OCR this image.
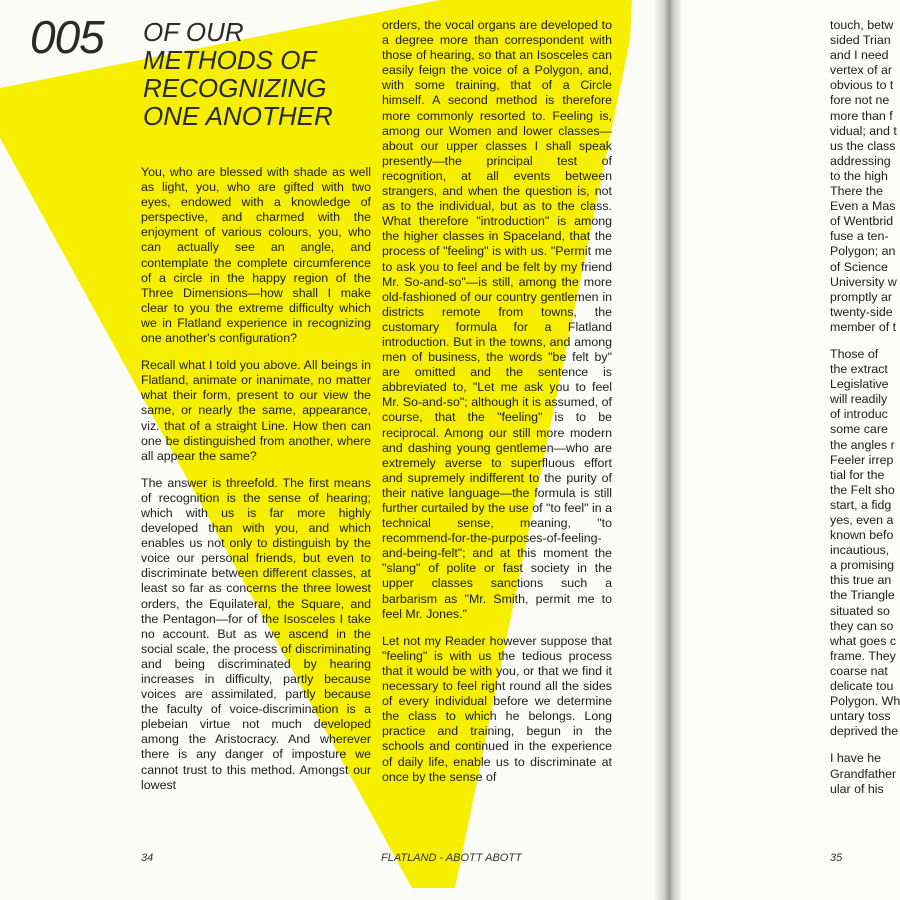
005 OF OUR
METHODS OF
RECOGNIZING
ONE ANOTHER

You, who are blessed with shade as well as light, you, who are gifted with two eyes, endowed with a knowledge of perspective, and charmed with the enjoyment of various colours, you, who can actually see an angle, and contemplate the complete circumference of a circle in the happy region of the Three Dimensions—how shall I make clear to you the extreme difficulty which we in Flatland experience in recognizing one another's configuration?

Recall what I told you above. All beings in Flatland, animate or inanimate, no matter what their form, present to our view the same, or nearly the same, appearance, viz. that of a straight Line. How then can one be distinguished from another, where all appear the same?

The answer is threefold. The first means of recognition is the sense of hearing; which with us is far more highly developed than with you, and which enables us not only to distinguish by the voice our personal friends, but even to discriminate between different classes, at least so far as concerns the three lowest orders, the Equilateral, the Square, and the Pentagon—for of the Isosceles I take no account. But as we ascend in the social scale, the process of discriminating and being discriminated by hearing increases in difficulty, partly because voices are assimilated, partly because the faculty of voice-discrimination is a plebeian virtue not much developed among the Aristocracy. And wherever there is any danger of imposture we cannot trust to this method. Amongst our lowest

orders, the vocal organs are developed to a degree more than correspondent with those of hearing, so that an Isosceles can easily feign the voice of a Polygon, and, with some training, that of a Circle himself. A second method is therefore more commonly resorted to. Feeling is, among our Women and lower classes—about our upper classes I shall speak presently—the principal test of recognition, at all events between strangers, and when the question is, not as to the individual, but as to the class. What therefore "introduction" is among the higher classes in Spaceland, that the process of "feeling" is with us. "Permit me to ask you to feel and be felt by my friend Mr. So-and-so"—is still, among the more old-fashioned of our country gentlemen in districts remote from towns, the customary formula for a Flatland introduction. But in the towns, and among men of business, the words "be felt by" are omitted and the sentence is abbreviated to, "Let me ask you to feel Mr. So-and-so"; although it is assumed, of course, that the "feeling" is to be reciprocal. Among our still more modern and dashing young gentlemen—who are extremely averse to superfluous effort and supremely indifferent to the purity of their native language—the formula is still further curtailed by the use of "to feel" in a technical sense, meaning, "to recommend-for-the-purposes-of-feeling-and-being-felt"; and at this moment the "slang" of polite or fast society in the upper classes sanctions such a barbarism as "Mr. Smith, permit me to feel Mr. Jones."

Let not my Reader however suppose that "feeling" is with us the tedious process that it would be with you, or that we find it necessary to feel right round all the sides of every individual before we determine the class to which he belongs. Long practice and training, begun in the schools and continued in the experience of daily life, enable us to discriminate at once by the sense of

34	FLATLAND - ABOTT ABOTT

touch, betw
sided Trian
and I need
vertex of ar
obvious to t
fore not ne
more than f
vidual; and t
us the class
addressing
to the high
There the
Even a Mas
of Wentbrid
fuse a ten-
Polygon; an
of Science
University w
promptly ar
twenty-side
member of t

Those of
the extract
Legislative
will readily
of introduc
some care
the angles r
Feeler irrep
tial for the
the Felt sho
start, a fidg
yes, even a
known befo
incautious,
a promising
this true an
the Triangle
situated so
they can so
what goes c
frame. They
coarse nat
delicate tou
Polygon. Wh
untary toss
deprived the

I have he
Grandfather
ular of his

35
